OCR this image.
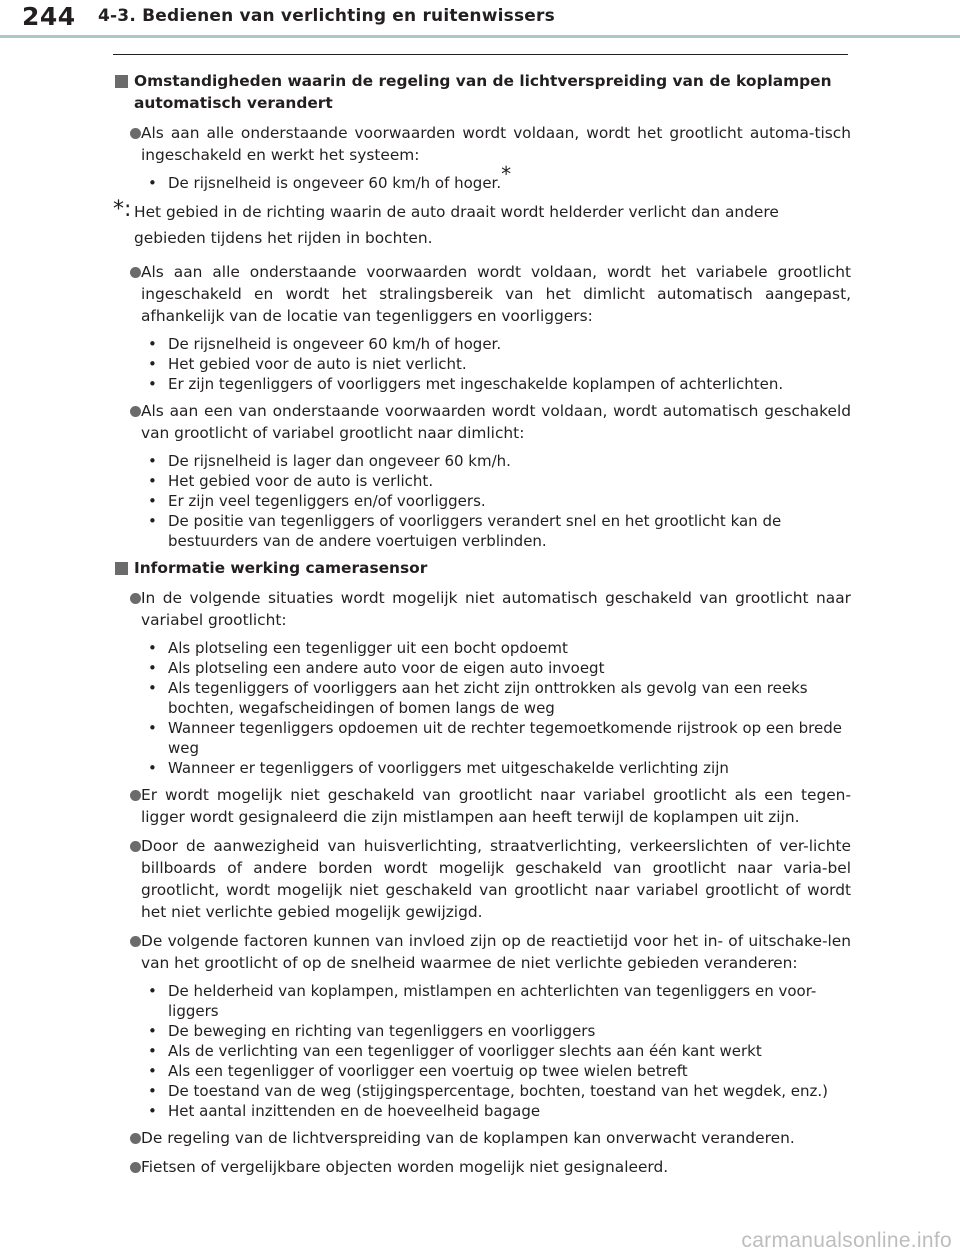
244 4-3. Bedienen van verlichting en ruitenwissers
Omstandigheden waarin de regeling van de lichtverspreiding van de koplampen automatisch verandert
Als aan alle onderstaande voorwaarden wordt voldaan, wordt het grootlicht automa-tisch ingeschakeld en werkt het systeem:
• De rijsnelheid is ongeveer 60 km/h of hoger.*
*: Het gebied in de richting waarin de auto draait wordt helderder verlicht dan andere gebieden tijdens het rijden in bochten.
Als aan alle onderstaande voorwaarden wordt voldaan, wordt het variabele grootlicht ingeschakeld en wordt het stralingsbereik van het dimlicht automatisch aangepast, afhankelijk van de locatie van tegenliggers en voorliggers:
• De rijsnelheid is ongeveer 60 km/h of hoger.
• Het gebied voor de auto is niet verlicht.
• Er zijn tegenliggers of voorliggers met ingeschakelde koplampen of achterlichten.
Als aan een van onderstaande voorwaarden wordt voldaan, wordt automatisch geschakeld van grootlicht of variabel grootlicht naar dimlicht:
• De rijsnelheid is lager dan ongeveer 60 km/h.
• Het gebied voor de auto is verlicht.
• Er zijn veel tegenliggers en/of voorliggers.
• De positie van tegenliggers of voorliggers verandert snel en het grootlicht kan de bestuurders van de andere voertuigen verblinden.
Informatie werking camerasensor
In de volgende situaties wordt mogelijk niet automatisch geschakeld van grootlicht naar variabel grootlicht:
• Als plotseling een tegenligger uit een bocht opdoemt
• Als plotseling een andere auto voor de eigen auto invoegt
• Als tegenliggers of voorliggers aan het zicht zijn onttrokken als gevolg van een reeks bochten, wegafscheidingen of bomen langs de weg
• Wanneer tegenliggers opdoemen uit de rechter tegemoetkomende rijstrook op een brede weg
• Wanneer er tegenliggers of voorliggers met uitgeschakelde verlichting zijn
Er wordt mogelijk niet geschakeld van grootlicht naar variabel grootlicht als een tegen-ligger wordt gesignaleerd die zijn mistlampen aan heeft terwijl de koplampen uit zijn.
Door de aanwezigheid van huisverlichting, straatverlichting, verkeerslichten of ver-lichte billboards of andere borden wordt mogelijk geschakeld van grootlicht naar varia-bel grootlicht, wordt mogelijk niet geschakeld van grootlicht naar variabel grootlicht of wordt het niet verlichte gebied mogelijk gewijzigd.
De volgende factoren kunnen van invloed zijn op de reactietijd voor het in- of uitschake-len van het grootlicht of op de snelheid waarmee de niet verlichte gebieden veranderen:
• De helderheid van koplampen, mistlampen en achterlichten van tegenliggers en voor-liggers
• De beweging en richting van tegenliggers en voorliggers
• Als de verlichting van een tegenligger of voorligger slechts aan één kant werkt
• Als een tegenligger of voorligger een voertuig op twee wielen betreft
• De toestand van de weg (stijgingspercentage, bochten, toestand van het wegdek, enz.)
• Het aantal inzittenden en de hoeveelheid bagage
De regeling van de lichtverspreiding van de koplampen kan onverwacht veranderen.
Fietsen of vergelijkbare objecten worden mogelijk niet gesignaleerd.
carmanualsonline.info
